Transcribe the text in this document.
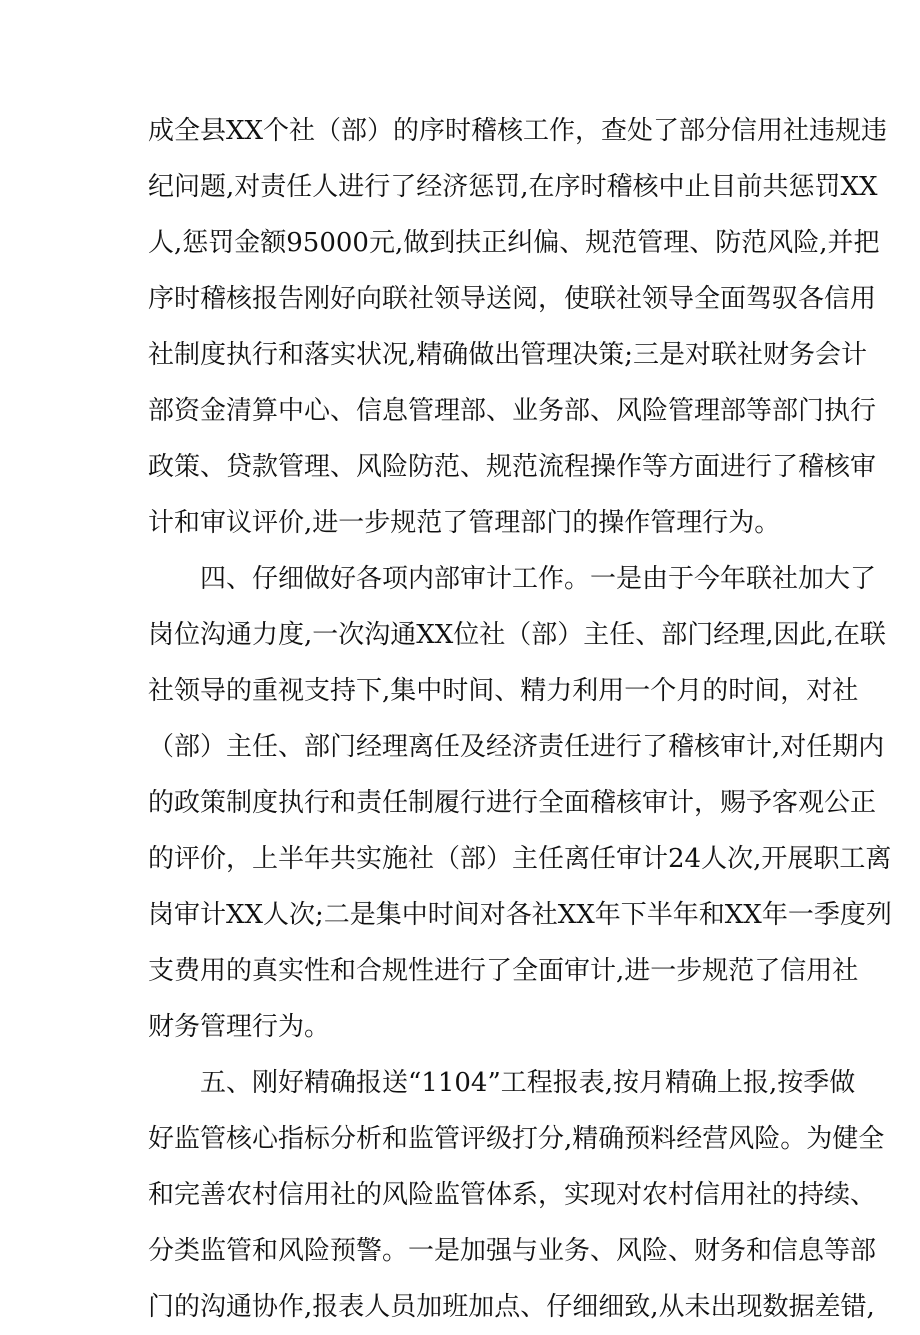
成全县XX个社（部）的序时稽核工作，查处了部分信用社违规违
纪问题,对责任人进行了经济惩罚,在序时稽核中止目前共惩罚XX
人,惩罚金额95000元,做到扶正纠偏、规范管理、防范风险,并把
序时稽核报告刚好向联社领导送阅，使联社领导全面驾驭各信用
社制度执行和落实状况,精确做出管理决策;三是对联社财务会计
部资金清算中心、信息管理部、业务部、风险管理部等部门执行
政策、贷款管理、风险防范、规范流程操作等方面进行了稽核审
计和审议评价,进一步规范了管理部门的操作管理行为。
四、仔细做好各项内部审计工作。一是由于今年联社加大了
岗位沟通力度,一次沟通XX位社（部）主任、部门经理,因此,在联
社领导的重视支持下,集中时间、精力利用一个月的时间，对社
（部）主任、部门经理离任及经济责任进行了稽核审计,对任期内
的政策制度执行和责任制履行进行全面稽核审计，赐予客观公正
的评价，上半年共实施社（部）主任离任审计24人次,开展职工离
岗审计XX人次;二是集中时间对各社XX年下半年和XX年一季度列
支费用的真实性和合规性进行了全面审计,进一步规范了信用社
财务管理行为。
五、刚好精确报送“1104”工程报表,按月精确上报,按季做
好监管核心指标分析和监管评级打分,精确预料经营风险。为健全
和完善农村信用社的风险监管体系，实现对农村信用社的持续、
分类监管和风险预警。一是加强与业务、风险、财务和信息等部
门的沟通协作,报表人员加班加点、仔细细致,从未出现数据差错,
